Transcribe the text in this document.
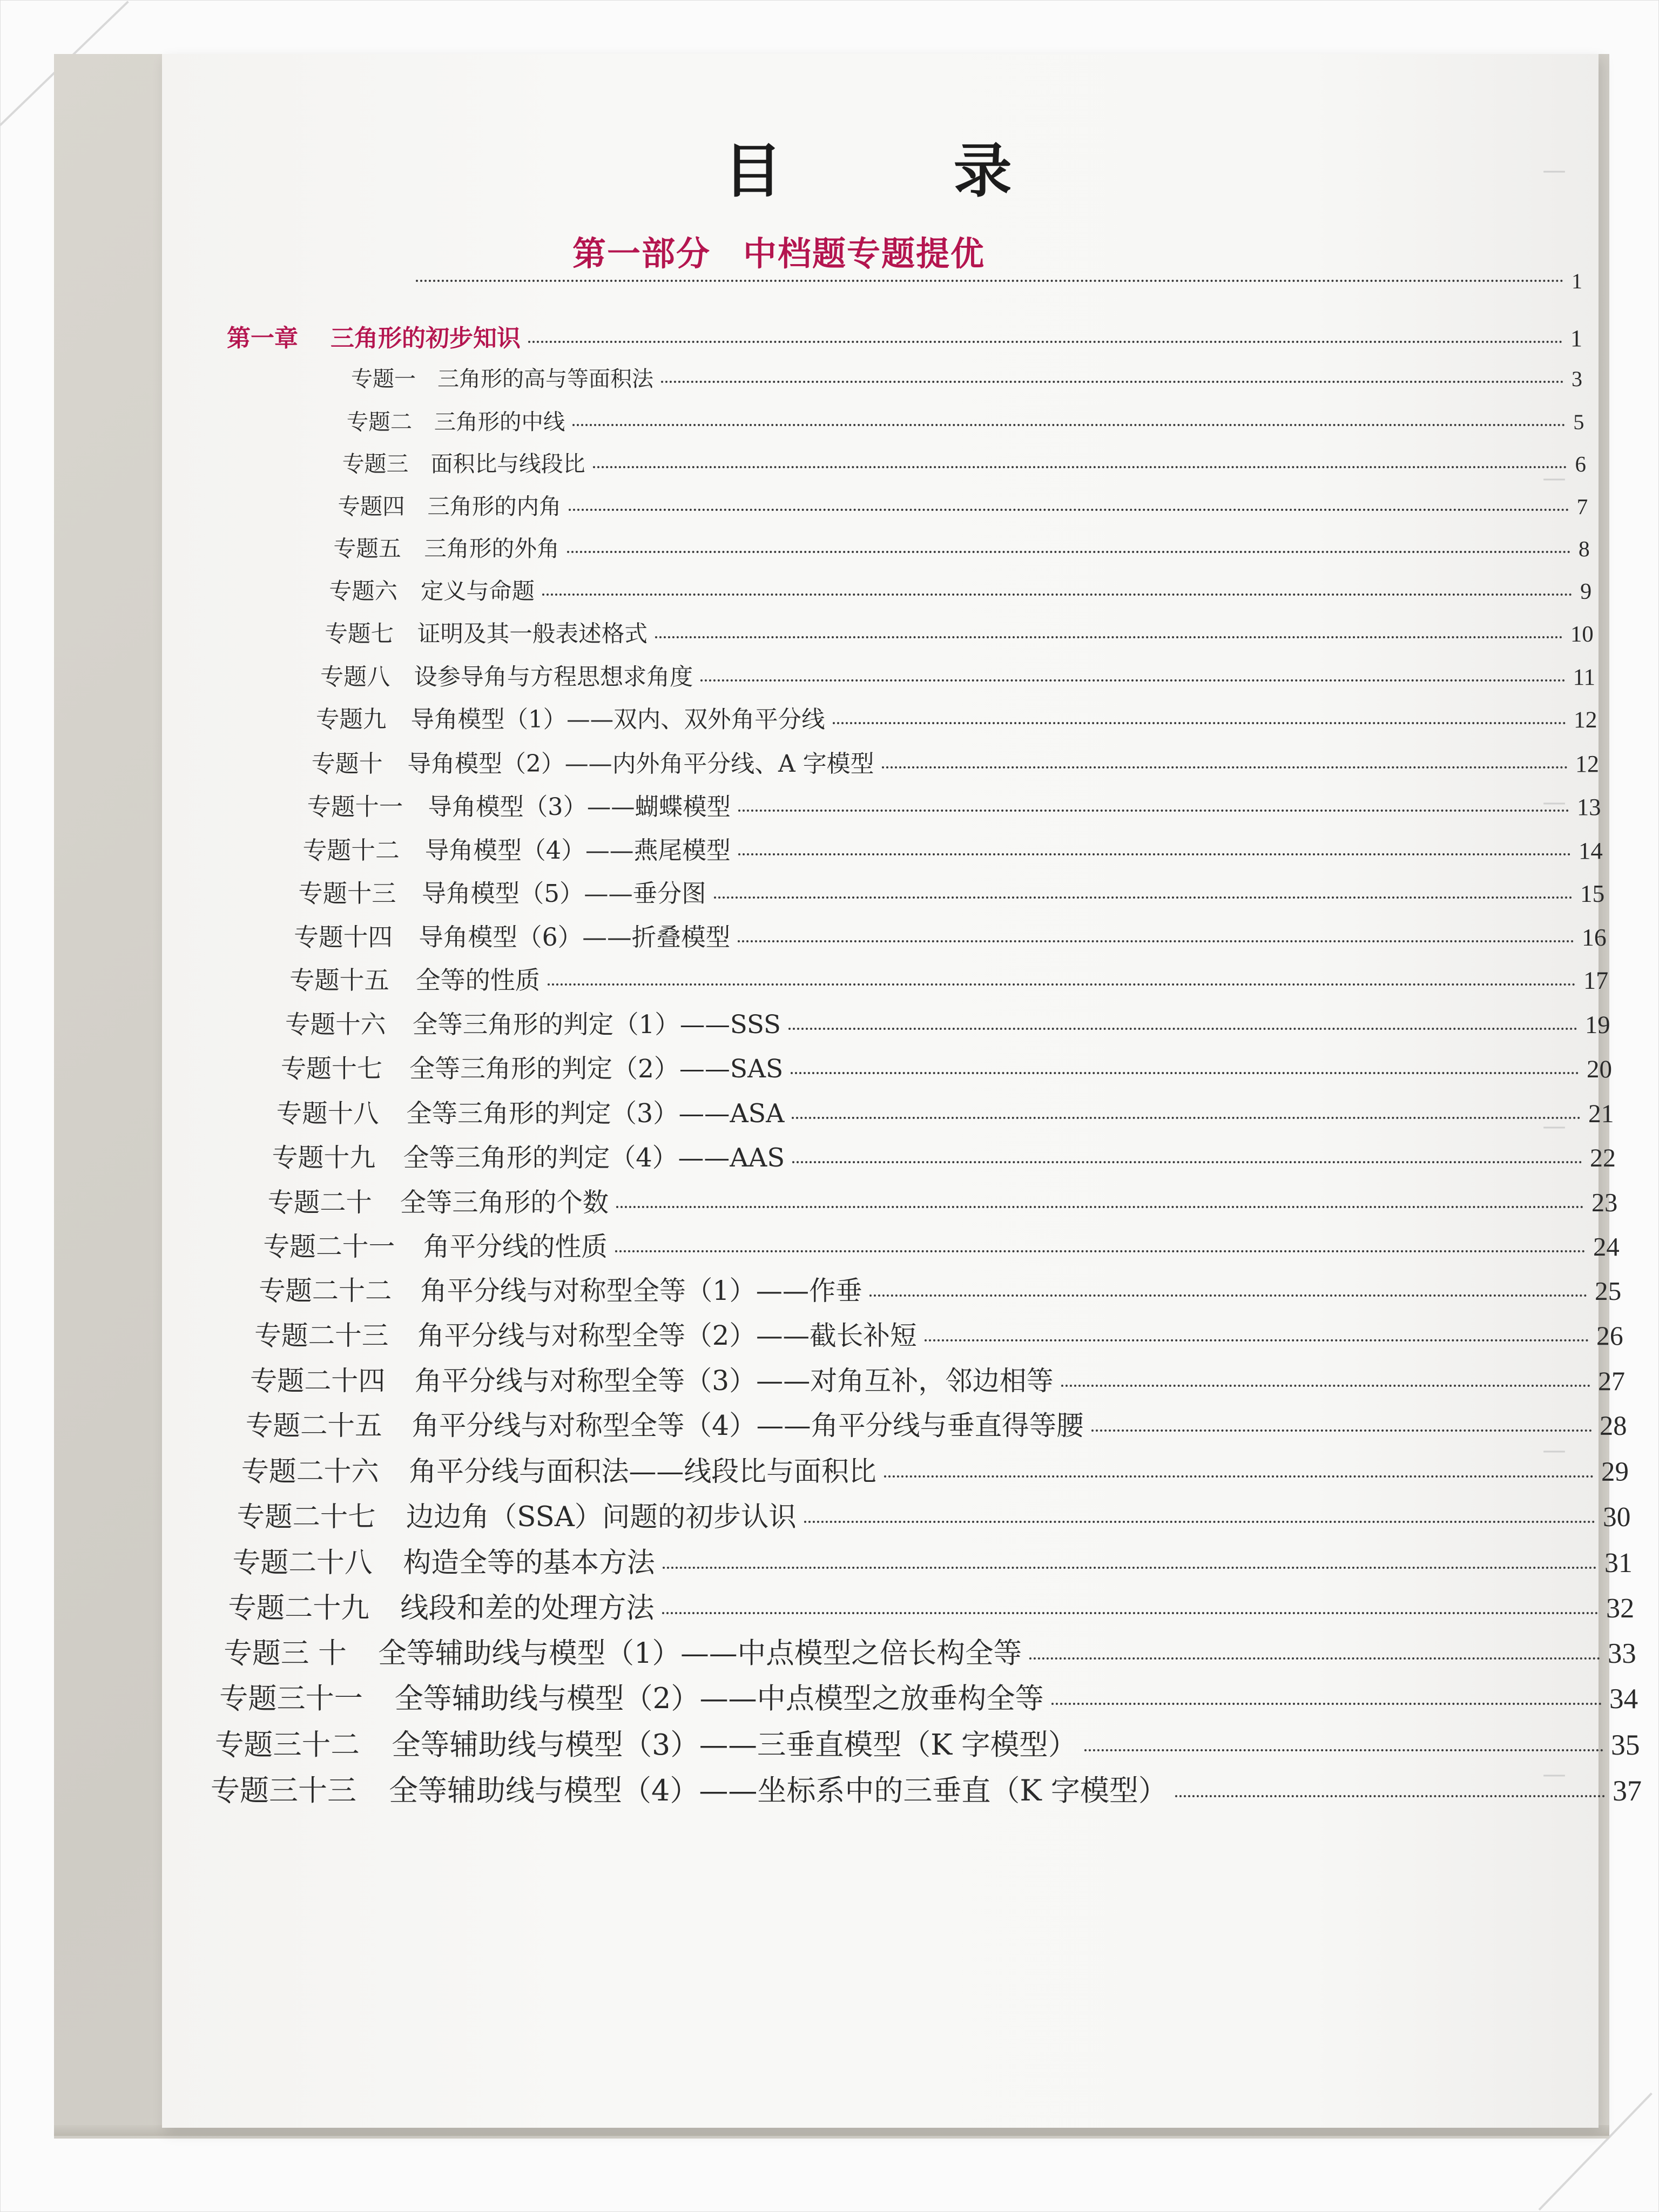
—
—
—
—
—
—
目 录
第一部分 中档题专题提优
1
第一章 三角形的初步知识	1
专题一 三角形的高与等面积法	3
专题二 三角形的中线	5
专题三 面积比与线段比	6
专题四 三角形的内角	7
专题五 三角形的外角	8
专题六 定义与命题	9
专题七 证明及其一般表述格式	10
专题八 设参导角与方程思想求角度	11
专题九 导角模型（1）——双内、双外角平分线	12
专题十 导角模型（2）——内外角平分线、A 字模型	12
专题十一 导角模型（3）——蝴蝶模型	13
专题十二 导角模型（4）——燕尾模型	14
专题十三 导角模型（5）——垂分图	15
专题十四 导角模型（6）——折叠模型	16
专题十五 全等的性质	17
专题十六 全等三角形的判定（1）——SSS	19
专题十七 全等三角形的判定（2）——SAS	20
专题十八 全等三角形的判定（3）——ASA	21
专题十九 全等三角形的判定（4）——AAS	22
专题二十 全等三角形的个数	23
专题二十一 角平分线的性质	24
专题二十二 角平分线与对称型全等（1）——作垂	25
专题二十三 角平分线与对称型全等（2）——截长补短	26
专题二十四 角平分线与对称型全等（3）——对角互补，邻边相等	27
专题二十五 角平分线与对称型全等（4）——角平分线与垂直得等腰	28
专题二十六 角平分线与面积法——线段比与面积比	29
专题二十七 边边角（SSA）问题的初步认识	30
专题二十八 构造全等的基本方法	31
专题二十九 线段和差的处理方法	32
专题三 十 全等辅助线与模型（1）——中点模型之倍长构全等	33
专题三十一 全等辅助线与模型（2）——中点模型之放垂构全等	34
专题三十二 全等辅助线与模型（3）——三垂直模型（K 字模型）	35
专题三十三 全等辅助线与模型（4）——坐标系中的三垂直（K 字模型）	37
